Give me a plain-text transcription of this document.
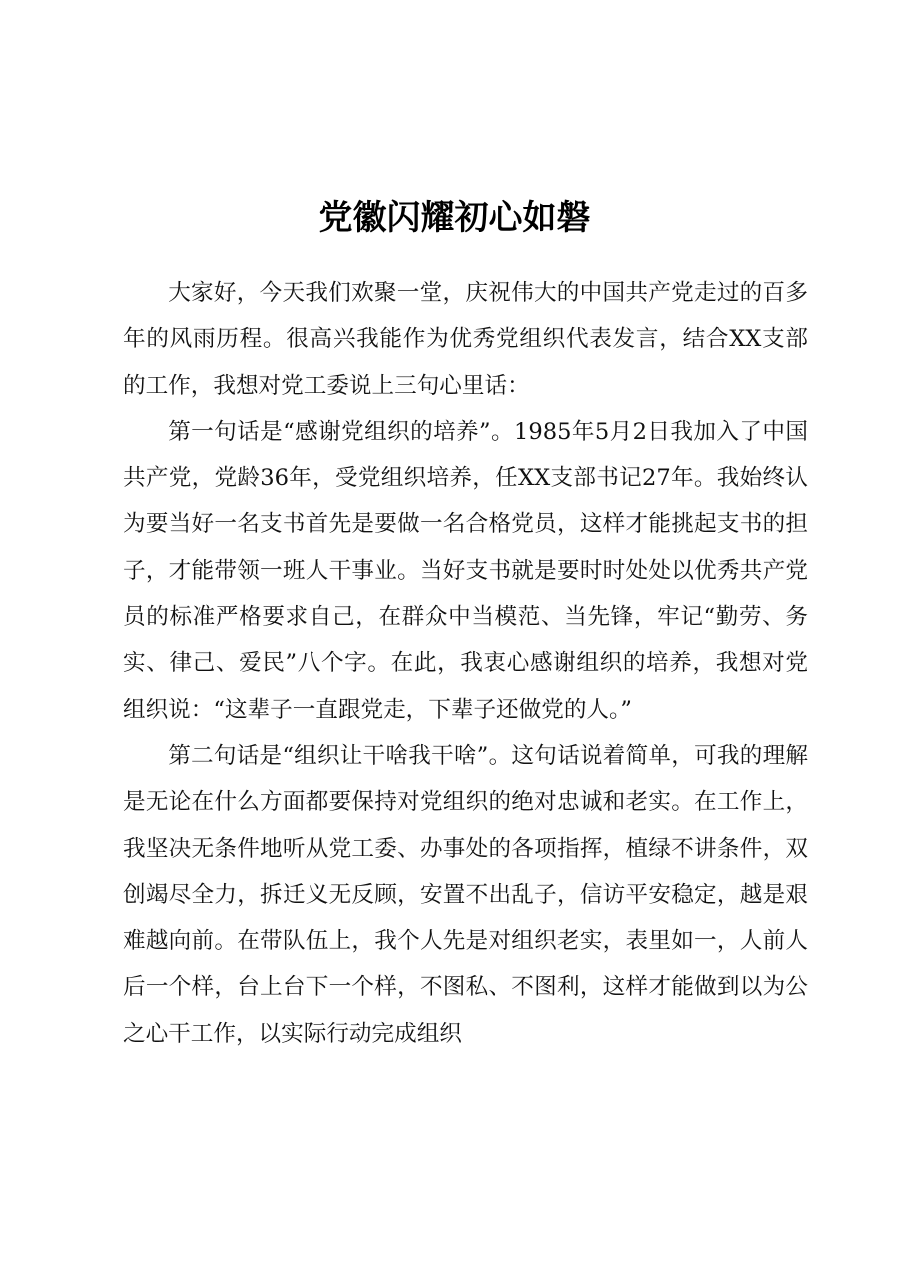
党徽闪耀初心如磐

大家好，今天我们欢聚一堂，庆祝伟大的中国共产党走过的百多年的风雨历程。很高兴我能作为优秀党组织代表发言，结合XX支部的工作，我想对党工委说上三句心里话：

第一句话是“感谢党组织的培养”。1985年5月2日我加入了中国共产党，党龄36年，受党组织培养，任XX支部书记27年。我始终认为要当好一名支书首先是要做一名合格党员，这样才能挑起支书的担子，才能带领一班人干事业。当好支书就是要时时处处以优秀共产党员的标准严格要求自己，在群众中当模范、当先锋，牢记“勤劳、务实、律己、爱民”八个字。在此，我衷心感谢组织的培养，我想对党组织说：“这辈子一直跟党走，下辈子还做党的人。”

第二句话是“组织让干啥我干啥”。这句话说着简单，可我的理解是无论在什么方面都要保持对党组织的绝对忠诚和老实。在工作上，我坚决无条件地听从党工委、办事处的各项指挥，植绿不讲条件，双创竭尽全力，拆迁义无反顾，安置不出乱子，信访平安稳定，越是艰难越向前。在带队伍上，我个人先是对组织老实，表里如一，人前人后一个样，台上台下一个样，不图私、不图利，这样才能做到以为公之心干工作，以实际行动完成组织
